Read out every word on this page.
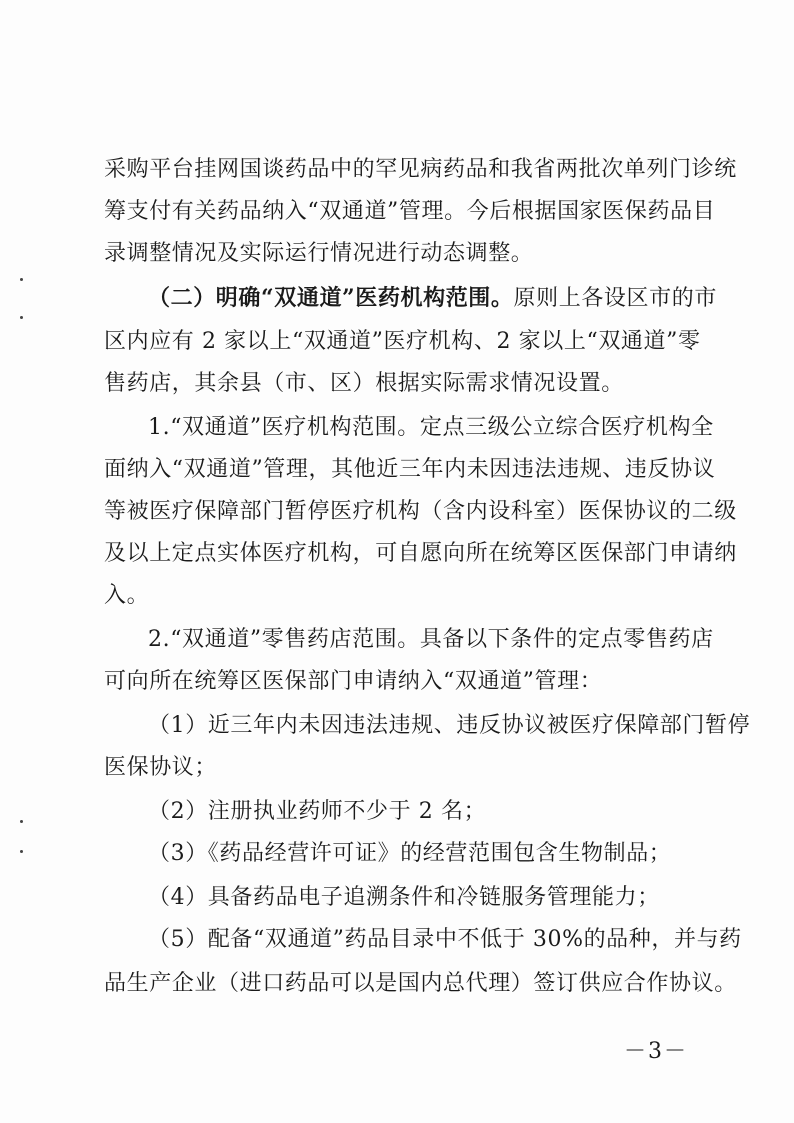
采购平台挂网国谈药品中的罕见病药品和我省两批次单列门诊统
筹支付有关药品纳入“双通道”管理。今后根据国家医保药品目
录调整情况及实际运行情况进行动态调整。
（二）明确“双通道”医药机构范围。原则上各设区市的市
区内应有 2 家以上“双通道”医疗机构、2 家以上“双通道”零
售药店，其余县（市、区）根据实际需求情况设置。
1.“双通道”医疗机构范围。定点三级公立综合医疗机构全
面纳入“双通道”管理，其他近三年内未因违法违规、违反协议
等被医疗保障部门暂停医疗机构（含内设科室）医保协议的二级
及以上定点实体医疗机构，可自愿向所在统筹区医保部门申请纳
入。
2.“双通道”零售药店范围。具备以下条件的定点零售药店
可向所在统筹区医保部门申请纳入“双通道”管理：
（1）近三年内未因违法违规、违反协议被医疗保障部门暂停
医保协议；
（2）注册执业药师不少于 2 名；
（3）《药品经营许可证》的经营范围包含生物制品；
（4）具备药品电子追溯条件和冷链服务管理能力；
（5）配备“双通道”药品目录中不低于 30%的品种，并与药
品生产企业（进口药品可以是国内总代理）签订供应合作协议。
－3－
